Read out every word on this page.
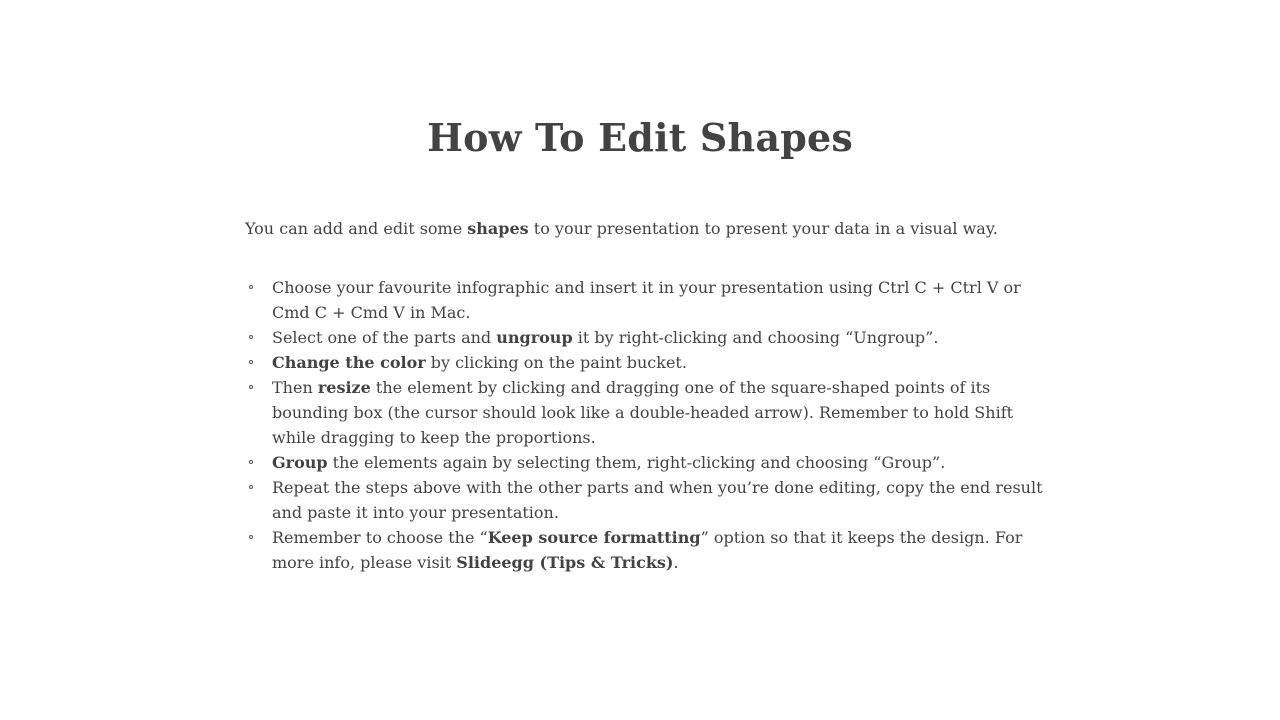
How To Edit Shapes

You can add and edit some shapes to your presentation to present your data in a visual way.

Choose your favourite infographic and insert it in your presentation using Ctrl C + Ctrl V or Cmd C + Cmd V in Mac.
Select one of the parts and ungroup it by right-clicking and choosing “Ungroup”.
Change the color by clicking on the paint bucket.
Then resize the element by clicking and dragging one of the square-shaped points of its bounding box (the cursor should look like a double-headed arrow). Remember to hold Shift while dragging to keep the proportions.
Group the elements again by selecting them, right-clicking and choosing “Group”.
Repeat the steps above with the other parts and when you’re done editing, copy the end result and paste it into your presentation.
Remember to choose the “Keep source formatting” option so that it keeps the design. For more info, please visit Slideegg (Tips & Tricks).
